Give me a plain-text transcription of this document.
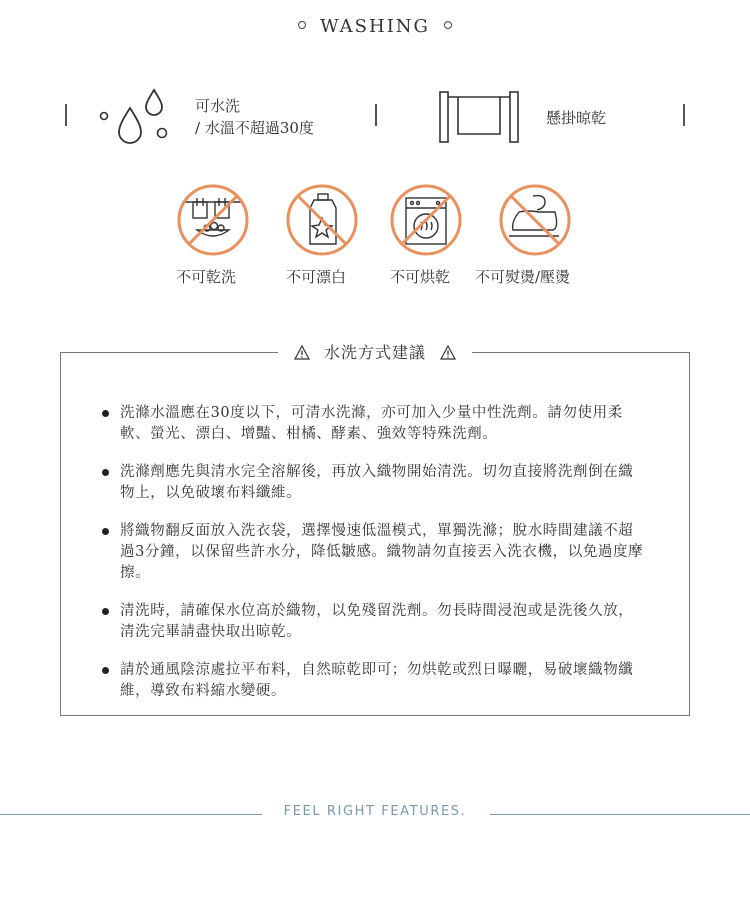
WASHING
可水洗
/ 水溫不超過30度
懸掛晾乾
不可乾洗	不可漂白	不可烘乾 不可熨燙/壓燙
水洗方式建議
洗滌水溫應在30度以下，可清水洗滌，亦可加入少量中性洗劑。請勿使用柔軟、螢光、漂白、增豔、柑橘、酵素、強效等特殊洗劑。
洗滌劑應先與清水完全溶解後，再放入織物開始清洗。切勿直接將洗劑倒在織物上，以免破壞布料纖維。
將織物翻反面放入洗衣袋，選擇慢速低溫模式，單獨洗滌；脫水時間建議不超過3分鐘，以保留些許水分，降低皺感。織物請勿直接丟入洗衣機，以免過度摩擦。
清洗時，請確保水位高於織物，以免殘留洗劑。勿長時間浸泡或是洗後久放，清洗完畢請盡快取出晾乾。
請於通風陰涼處拉平布料，自然晾乾即可；勿烘乾或烈日曝曬，易破壞織物纖維，導致布料縮水變硬。
FEEL RIGHT FEATURES.
